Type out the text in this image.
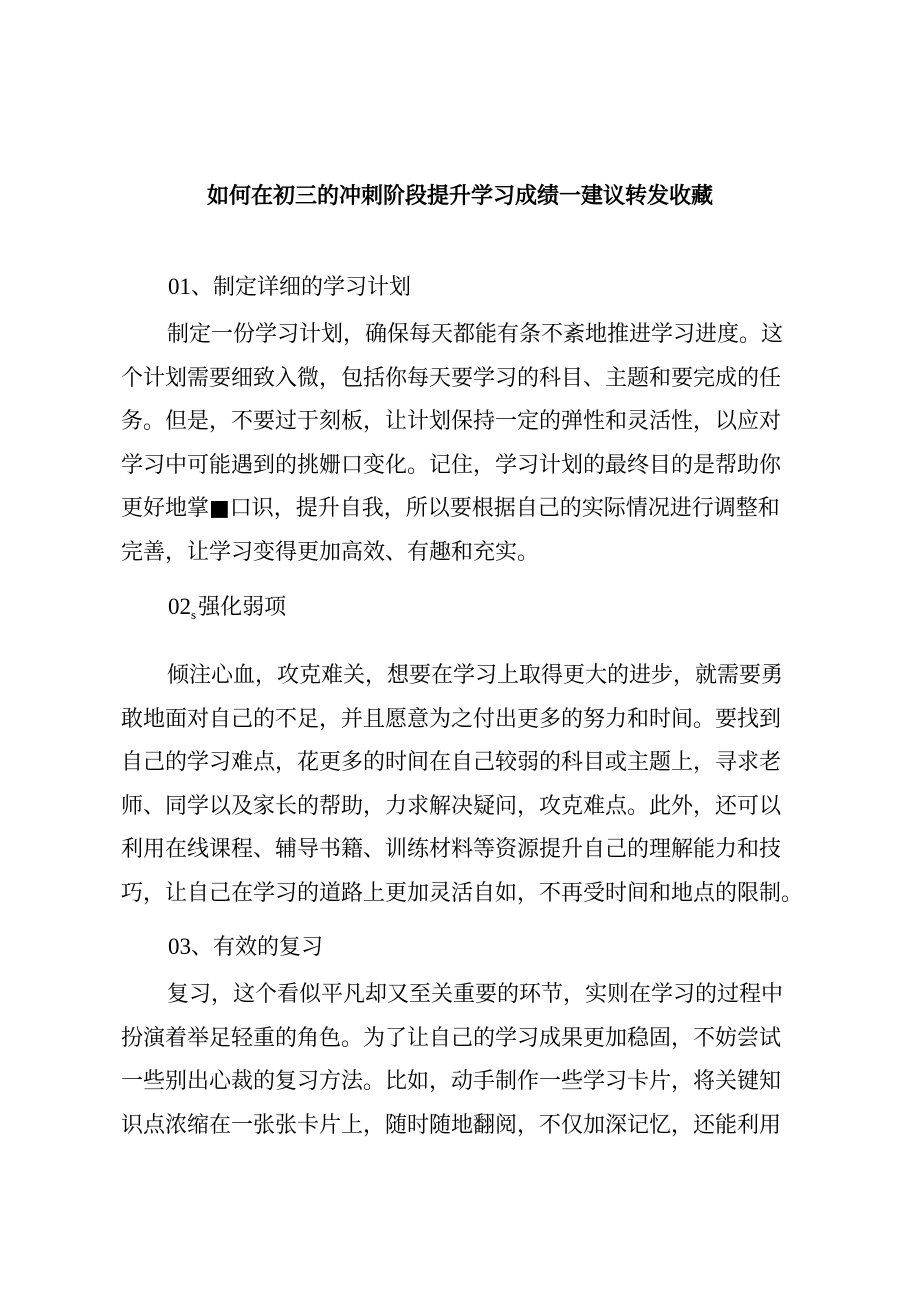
如何在初三的冲刺阶段提升学习成绩一建议转发收藏
01、制定详细的学习计划

制定一份学习计划，确保每天都能有条不紊地推进学习进度。这
个计划需要细致入微，包括你每天要学习的科目、主题和要完成的任
务。但是，不要过于刻板，让计划保持一定的弹性和灵活性，以应对
学习中可能遇到的挑姗口变化。记住，学习计划的最终目的是帮助你
更好地掌■口识，提升自我，所以要根据自己的实际情况进行调整和
完善，让学习变得更加高效、有趣和充实。

$02_s$强化弱项

倾注心血，攻克难关，想要在学习上取得更大的进步，就需要勇
敢地面对自己的不足，并且愿意为之付出更多的努力和时间。要找到
自己的学习难点，花更多的时间在自己较弱的科目或主题上，寻求老
师、同学以及家长的帮助，力求解决疑问，攻克难点。此外，还可以
利用在线课程、辅导书籍、训练材料等资源提升自己的理解能力和技
巧，让自己在学习的道路上更加灵活自如，不再受时间和地点的限制。

03、有效的复习

复习，这个看似平凡却又至关重要的环节，实则在学习的过程中
扮演着举足轻重的角色。为了让自己的学习成果更加稳固，不妨尝试
一些别出心裁的复习方法。比如，动手制作一些学习卡片，将关键知
识点浓缩在一张张卡片上，随时随地翻阅，不仅加深记忆，还能利用
